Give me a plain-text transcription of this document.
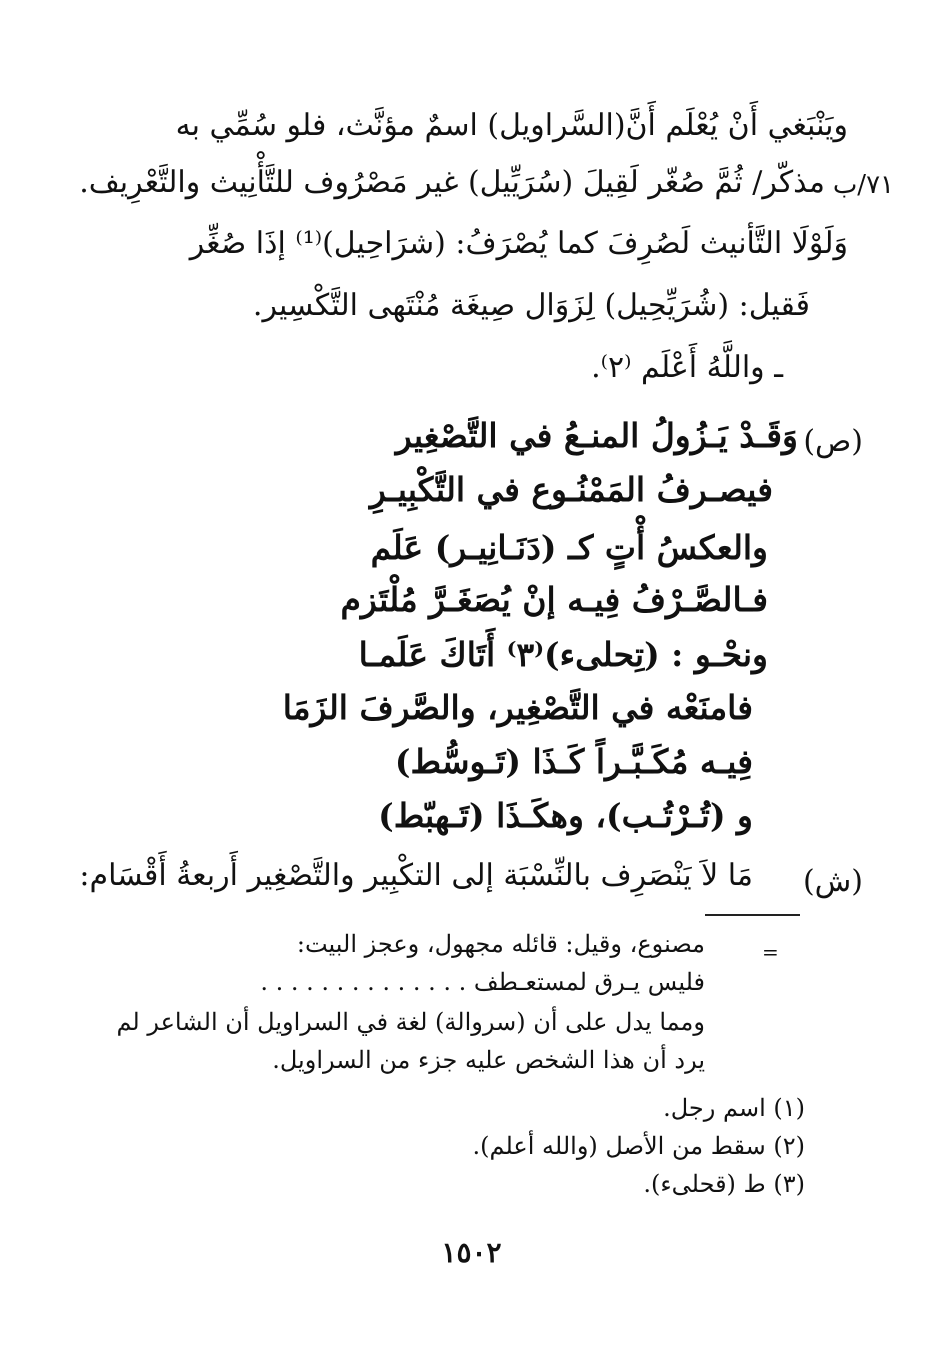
٧١/ب
ويَنْبَغي أَنْ يُعْلَم أَنَّ(السَّراويل) اسمٌ مؤنَّث، فلو سُمِّي به
مذكّر/ ثُمَّ صُغّر لَقِيلَ (سُرَيِّيل) غير مَصْرُوف للتَّأْنِيث والتَّعْرِيف.
وَلَوْلَا التَّأنيث لَصُرِفَ كما يُصْرَفُ: (شرَاحِيل)⁽¹⁾ إذَا صُغِّر
فَقيل: (شُرَيِّحِيل) لِزَوَال صِيغَة مُنْتَهى التَّكْسِير.
ـ واللَّهُ أَعْلَم ⁽٢⁾.
(ص)
وَقَـدْ يَـزُولُ المنـعُ في التَّصْغِير
فيصـرفُ المَمْنُـوع في التَّكْبِيـرِ
والعكسُ أْتٍ كـ (دَنَـانِيـر) عَلَم
فـالصَّـرْفُ فِيـه إنْ يُصَغَـرَّ مُلْتَزم
ونحْـو : (تِحلىء)⁽٣⁾ أَتَاكَ عَلَمـا
فامنَعْه في التَّصْغِير، والصَّرفَ الزَمَا
فِيـه مُكَـبَّـراً كَـذَا (تَـوسُّط)
و (تُـرْتُـب)، وهكَـذَا (تَـهبّط)
(ش)
مَا لاَ يَنْصَرِف بالنِّسْبَة إلى التكْبِير والتَّصْغِير أَربعةُ أَقْسَام:
=
مصنوع، وقيل: قائله مجهول، وعجز البيت:
فليس يـرق لمستعـطف . . . . . . . . . . . . . .
ومما يدل على أن (سروالة) لغة في السراويل أن الشاعر لم
يرد أن هذا الشخص عليه جزء من السراويل.
(١) اسم رجل.
(٢) سقط من الأصل (والله أعلم).
(٣) ط (قحلىء).
١٥٠٢
